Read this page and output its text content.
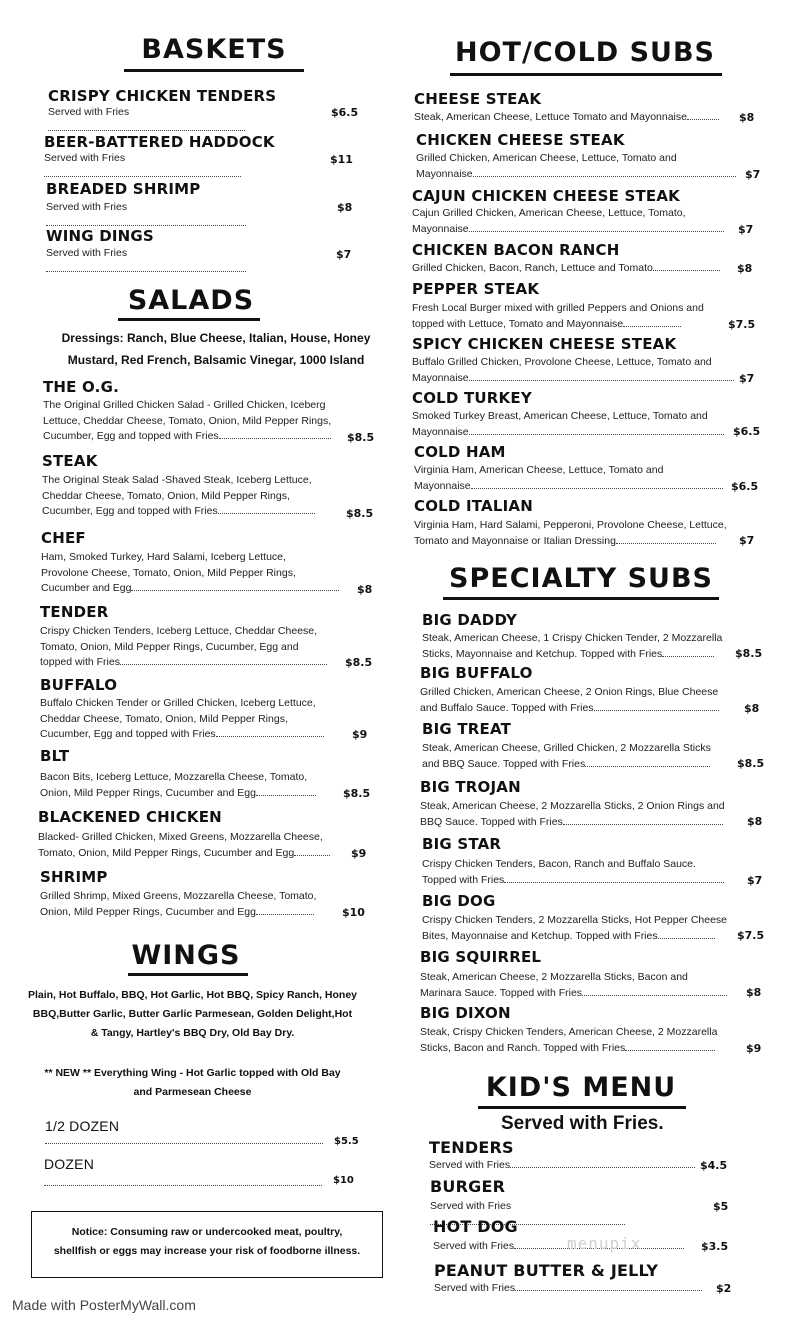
BASKETS
CRISPY CHICKEN TENDERS
Served with Fries	$6.5
BEER-BATTERED HADDOCK
Served with Fries	$11
BREADED SHRIMP
Served with Fries	$8
WING DINGS
Served with Fries	$7
SALADS
Dressings: Ranch, Blue Cheese, Italian, House, Honey
Mustard, Red French, Balsamic Vinegar, 1000 Island
THE O.G.
The Original Grilled Chicken Salad - Grilled Chicken, Iceberg
Lettuce, Cheddar Cheese, Tomato, Onion, Mild Pepper Rings,
Cucumber, Egg and topped with Fries	$8.5
STEAK
The Original Steak Salad -Shaved Steak, Iceberg Lettuce,
Cheddar Cheese, Tomato, Onion, Mild Pepper Rings,
Cucumber, Egg and topped with Fries	$8.5
CHEF
Ham, Smoked Turkey, Hard Salami, Iceberg Lettuce,
Provolone Cheese, Tomato, Onion, Mild Pepper Rings,
Cucumber and Egg	$8
TENDER
Crispy Chicken Tenders, Iceberg Lettuce, Cheddar Cheese,
Tomato, Onion, Mild Pepper Rings, Cucumber, Egg and
topped with Fries	$8.5
BUFFALO
Buffalo Chicken Tender or Grilled Chicken, Iceberg Lettuce,
Cheddar Cheese, Tomato, Onion, Mild Pepper Rings,
Cucumber, Egg and topped with Fries	$9
BLT
Bacon Bits, Iceberg Lettuce, Mozzarella Cheese, Tomato,
Onion, Mild Pepper Rings, Cucumber and Egg	$8.5
BLACKENED CHICKEN
Blacked- Grilled Chicken, Mixed Greens, Mozzarella Cheese,
Tomato, Onion, Mild Pepper Rings, Cucumber and Egg	$9
SHRIMP
Grilled Shrimp, Mixed Greens, Mozzarella Cheese, Tomato,
Onion, Mild Pepper Rings, Cucumber and Egg	$10
WINGS
Plain, Hot Buffalo, BBQ, Hot Garlic, Hot BBQ, Spicy Ranch, Honey
BBQ,Butter Garlic, Butter Garlic Parmesean, Golden Delight,Hot
& Tangy, Hartley's BBQ Dry, Old Bay Dry.
** NEW ** Everything Wing - Hot Garlic topped with Old Bay
and Parmesean Cheese
1/2 DOZEN
$5.5
DOZEN
$10
Notice: Consuming raw or undercooked meat, poultry,
shellfish or eggs may increase your risk of foodborne illness.
Made with PosterMyWall.com
HOT/COLD SUBS
CHEESE STEAK
Steak, American Cheese, Lettuce Tomato and Mayonnaise	$8
CHICKEN CHEESE STEAK
Grilled Chicken, American Cheese, Lettuce, Tomato and
Mayonnaise	$7
CAJUN CHICKEN CHEESE STEAK
Cajun Grilled Chicken, American Cheese, Lettuce, Tomato,
Mayonnaise	$7
CHICKEN BACON RANCH
Grilled Chicken, Bacon, Ranch, Lettuce and Tomato	$8
PEPPER STEAK
Fresh Local Burger mixed with grilled Peppers and Onions and
topped with Lettuce, Tomato and Mayonnaise	$7.5
SPICY CHICKEN CHEESE STEAK
Buffalo Grilled Chicken, Provolone Cheese, Lettuce, Tomato and
Mayonnaise	$7
COLD TURKEY
Smoked Turkey Breast, American Cheese, Lettuce, Tomato and
Mayonnaise	$6.5
COLD HAM
Virginia Ham, American Cheese, Lettuce, Tomato and
Mayonnaise	$6.5
COLD ITALIAN
Virginia Ham, Hard Salami, Pepperoni, Provolone Cheese, Lettuce,
Tomato and Mayonnaise or Italian Dressing	$7
SPECIALTY SUBS
BIG DADDY
Steak, American Cheese, 1 Crispy Chicken Tender, 2 Mozzarella
Sticks, Mayonnaise and Ketchup. Topped with Fries	$8.5
BIG BUFFALO
Grilled Chicken, American Cheese, 2 Onion Rings, Blue Cheese
and Buffalo Sauce. Topped with Fries	$8
BIG TREAT
Steak, American Cheese, Grilled Chicken, 2 Mozzarella Sticks
and BBQ Sauce. Topped with Fries	$8.5
BIG TROJAN
Steak, American Cheese, 2 Mozzarella Sticks, 2 Onion Rings and
BBQ Sauce. Topped with Fries	$8
BIG STAR
Crispy Chicken Tenders, Bacon, Ranch and Buffalo Sauce.
Topped with Fries	$7
BIG DOG
Crispy Chicken Tenders, 2 Mozzarella Sticks, Hot Pepper Cheese
Bites, Mayonnaise and Ketchup. Topped with Fries	$7.5
BIG SQUIRREL
Steak, American Cheese, 2 Mozzarella Sticks, Bacon and
Marinara Sauce. Topped with Fries	$8
BIG DIXON
Steak, Crispy Chicken Tenders, American Cheese, 2 Mozzarella
Sticks, Bacon and Ranch. Topped with Fries	$9
KID'S MENU
Served with Fries.
TENDERS
Served with Fries	$4.5
BURGER
Served with Fries	$5
HOT DOG
Served with Fries	$3.5
PEANUT BUTTER & JELLY
Served with Fries	$2
menupix
